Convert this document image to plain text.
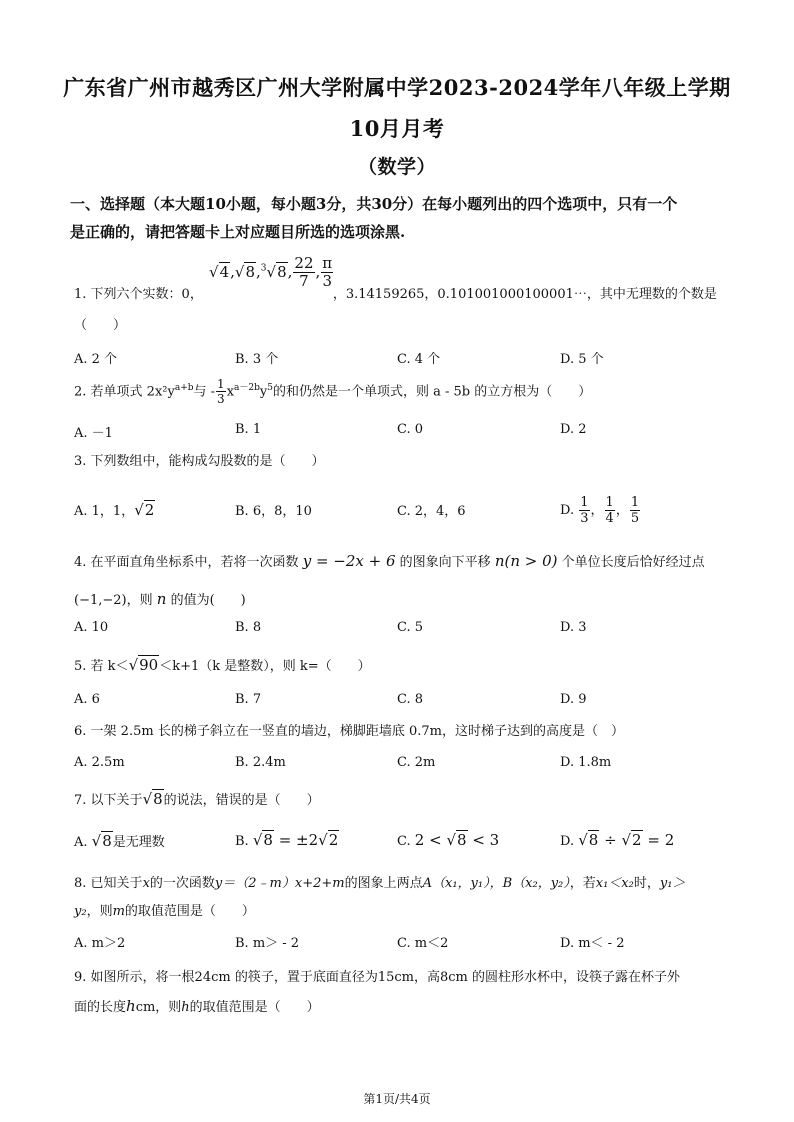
广东省广州市越秀区广州大学附属中学2023-2024学年八年级上学期
10月月考
（数学）
一、选择题（本大题10小题，每小题3分，共30分）在每小题列出的四个选项中，只有一个
是正确的，请把答题卡上对应题目所选的选项涂黑.
√4,√8,$^3$√8, $\frac{22}{7}$ , $\frac{\pi}{3}$
1. 下列六个实数：0，	，3.14159265，0.101001000100001⋯，其中无理数的个数是
（　　）
A. 2 个	B. 3 个	C. 4 个	D. 5 个
2. 若单项式 $2x^2y^{a+b}$与 - $\frac{1}{3} x^{a-2b}y^5$的和仍然是一个单项式，则 a - 5b 的立方根为（　　）
A. －1	B. 1	C. 0	D. 2
3. 下列数组中，能构成勾股数的是（　　）
A. 1，1，√2	B. 6，8，10	C. 2，4，6	D. $\frac{1}{3}$ ， $\frac{1}{4}$ ， $\frac{1}{5}$
4. 在平面直角坐标系中，若将一次函数 y = −2x + 6 的图象向下平移 n(n > 0) 个单位长度后恰好经过点
(−1,−2)，则 n 的值为(　　)
A. 10	B. 8	C. 5	D. 3
5. 若 k＜√90＜k+1（k 是整数），则 k=（　　）
A. 6	B. 7	C. 8	D. 9
6. 一架 2.5m 长的梯子斜立在一竖直的墙边，梯脚距墙底 0.7m，这时梯子达到的高度是（　）
A. 2.5m	B. 2.4m	C. 2m	D. 1.8m
7. 以下关于√8的说法，错误的是（　　）
A. √8是无理数	B. √8 = ±2√2	C. 2 < √8 < 3	D. √8 ÷ √2 = 2
8. 已知关于x的一次函数y＝（2﹣m）x+2+m的图象上两点A（x₁，y₁），B（x₂，y₂），若x₁＜x₂时，y₁＞
y₂，则m的取值范围是（　　）
A. m＞2	B. m＞ - 2	C. m＜2	D. m＜ - 2
9. 如图所示，将一根24cm 的筷子，置于底面直径为15cm，高8cm 的圆柱形水杯中，设筷子露在杯子外
面的长度hcm，则h的取值范围是（　　）
第1页/共4页
